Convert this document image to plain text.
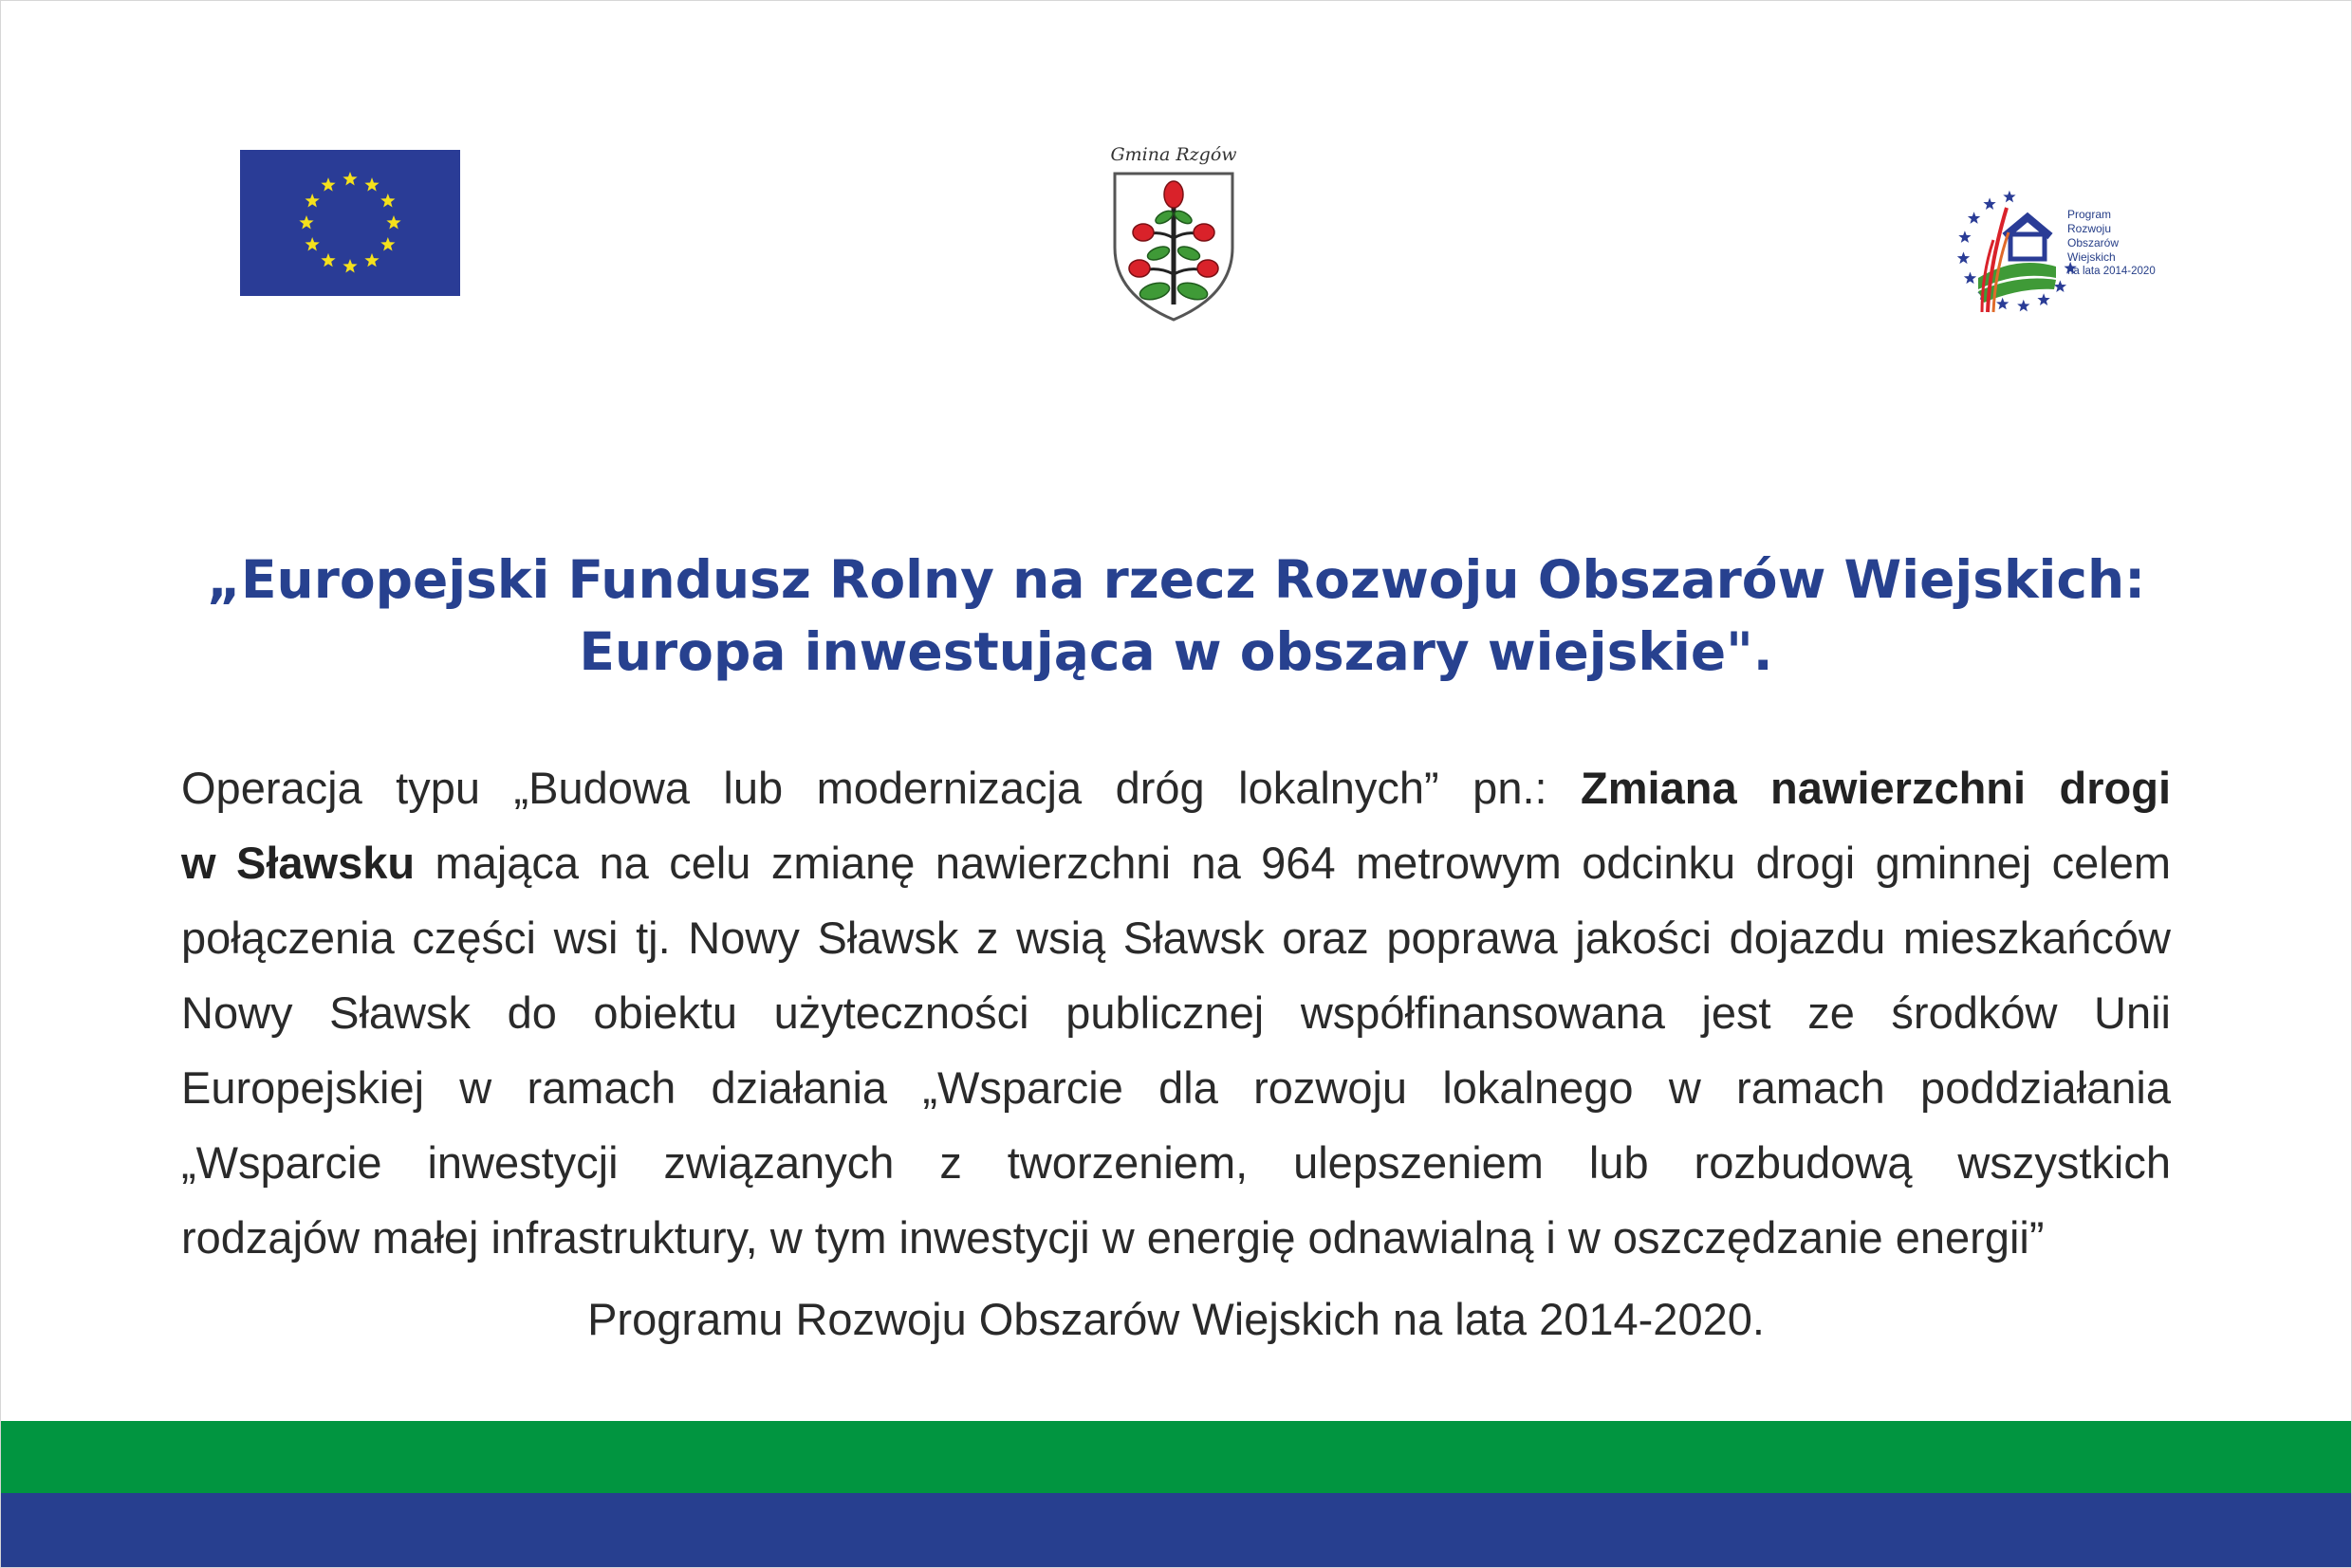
Gmina Rzgów
Program
Rozwoju
Obszarów
Wiejskich
na lata 2014-2020
„Europejski Fundusz Rolny na rzecz Rozwoju Obszarów Wiejskich:
Europa inwestująca w obszary wiejskie".
Operacja typu „Budowa lub modernizacja dróg lokalnych” pn.: Zmiana nawierzchni drogi
w Sławsku mająca na celu zmianę nawierzchni na 964 metrowym odcinku drogi gminnej celem
połączenia części wsi tj. Nowy Sławsk z wsią Sławsk oraz poprawa jakości dojazdu mieszkańców
Nowy Sławsk do obiektu użyteczności publicznej współfinansowana jest ze środków Unii
Europejskiej w ramach działania „Wsparcie dla rozwoju lokalnego w ramach poddziałania
„Wsparcie inwestycji związanych z tworzeniem, ulepszeniem lub rozbudową wszystkich
rodzajów małej infrastruktury, w tym inwestycji w energię odnawialną i w oszczędzanie energii”
Programu Rozwoju Obszarów Wiejskich na lata 2014-2020.
